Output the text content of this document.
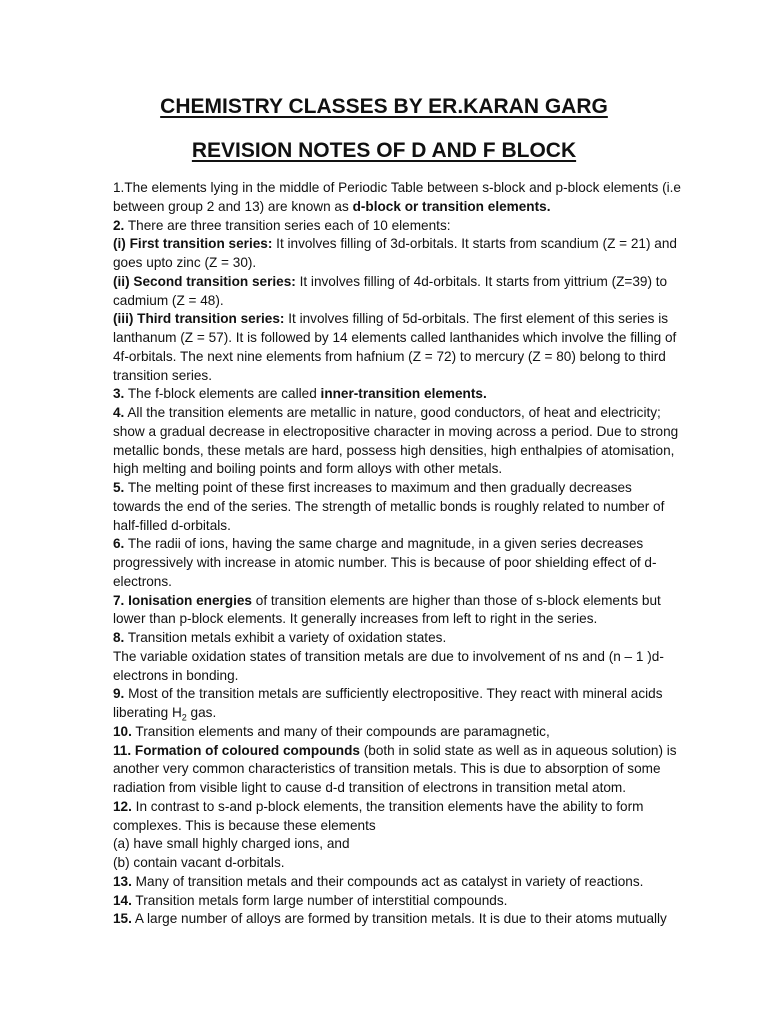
CHEMISTRY CLASSES BY ER.KARAN GARG
REVISION NOTES OF D AND F BLOCK

1.The elements lying in the middle of Periodic Table between s-block and p-block elements (i.e between group 2 and 13) are known as d-block or transition elements.

2. There are three transition series each of 10 elements:

(i) First transition series: It involves filling of 3d-orbitals. It starts from scandium (Z = 21) and goes upto zinc (Z = 30).

(ii) Second transition series: It involves filling of 4d-orbitals. It starts from yittrium (Z=39) to cadmium (Z = 48).

(iii) Third transition series: It involves filling of 5d-orbitals. The first element of this series is lanthanum (Z = 57). It is followed by 14 elements called lanthanides which involve the filling of 4f-orbitals. The next nine elements from hafnium (Z = 72) to mercury (Z = 80) belong to third transition series.

3. The f-block elements are called inner-transition elements.

4. All the transition elements are metallic in nature, good conductors, of heat and electricity; show a gradual decrease in electropositive character in moving across a period. Due to strong metallic bonds, these metals are hard, possess high densities, high enthalpies of atomisation, high melting and boiling points and form alloys with other metals.

5. The melting point of these first increases to maximum and then gradually decreases towards the end of the series. The strength of metallic bonds is roughly related to number of half-filled d-orbitals.

6. The radii of ions, having the same charge and magnitude, in a given series decreases progressively with increase in atomic number. This is because of poor shielding effect of d-electrons.

7. Ionisation energies of transition elements are higher than those of s-block elements but lower than p-block elements. It generally increases from left to right in the series.

8. Transition metals exhibit a variety of oxidation states.

The variable oxidation states of transition metals are due to involvement of ns and (n – 1 )d-electrons in bonding.

9. Most of the transition metals are sufficiently electropositive. They react with mineral acids liberating $H_2$ gas.

10. Transition elements and many of their compounds are paramagnetic,

11. Formation of coloured compounds (both in solid state as well as in aqueous solution) is another very common characteristics of transition metals. This is due to absorption of some radiation from visible light to cause d-d transition of electrons in transition metal atom.

12. In contrast to s-and p-block elements, the transition elements have the ability to form complexes. This is because these elements

(a) have small highly charged ions, and

(b) contain vacant d-orbitals.

13. Many of transition metals and their compounds act as catalyst in variety of reactions.

14. Transition metals form large number of interstitial compounds.

15. A large number of alloys are formed by transition metals. It is due to their atoms mutually
